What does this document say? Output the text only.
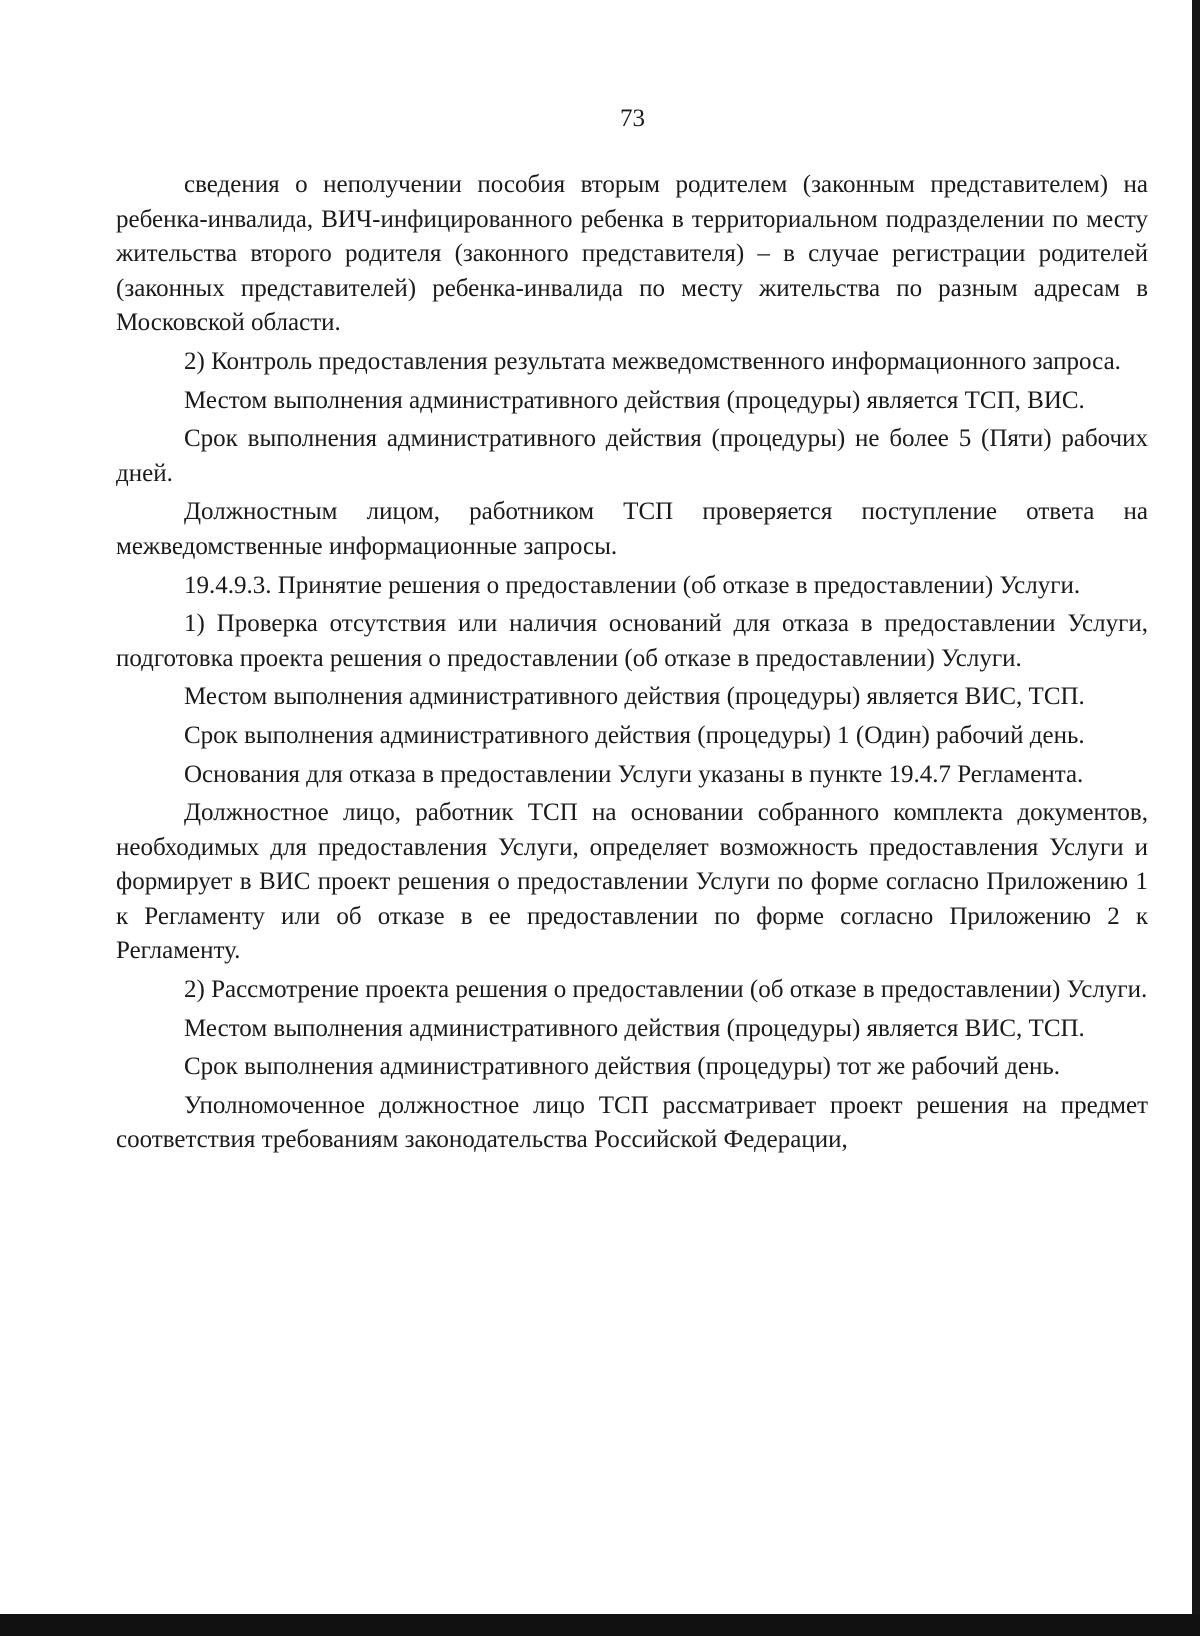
73

сведения о неполучении пособия вторым родителем (законным представителем) на ребенка-инвалида, ВИЧ-инфицированного ребенка в территориальном подразделении по месту жительства второго родителя (законного представителя) – в случае регистрации родителей (законных представителей) ребенка-инвалида по месту жительства по разным адресам в Московской области.

2) Контроль предоставления результата межведомственного информационного запроса.

Местом выполнения административного действия (процедуры) является ТСП, ВИС.

Срок выполнения административного действия (процедуры) не более 5 (Пяти) рабочих дней.

Должностным лицом, работником ТСП проверяется поступление ответа на межведомственные информационные запросы.

19.4.9.3. Принятие решения о предоставлении (об отказе в предоставлении) Услуги.

1) Проверка отсутствия или наличия оснований для отказа в предоставлении Услуги, подготовка проекта решения о предоставлении (об отказе в предоставлении) Услуги.

Местом выполнения административного действия (процедуры) является ВИС, ТСП.

Срок выполнения административного действия (процедуры) 1 (Один) рабочий день.

Основания для отказа в предоставлении Услуги указаны в пункте 19.4.7 Регламента.

Должностное лицо, работник ТСП на основании собранного комплекта документов, необходимых для предоставления Услуги, определяет возможность предоставления Услуги и формирует в ВИС проект решения о предоставлении Услуги по форме согласно Приложению 1 к Регламенту или об отказе в ее предоставлении по форме согласно Приложению 2 к Регламенту.

2) Рассмотрение проекта решения о предоставлении (об отказе в предоставлении) Услуги.

Местом выполнения административного действия (процедуры) является ВИС, ТСП.

Срок выполнения административного действия (процедуры) тот же рабочий день.

Уполномоченное должностное лицо ТСП рассматривает проект решения на предмет соответствия требованиям законодательства Российской Федерации,
